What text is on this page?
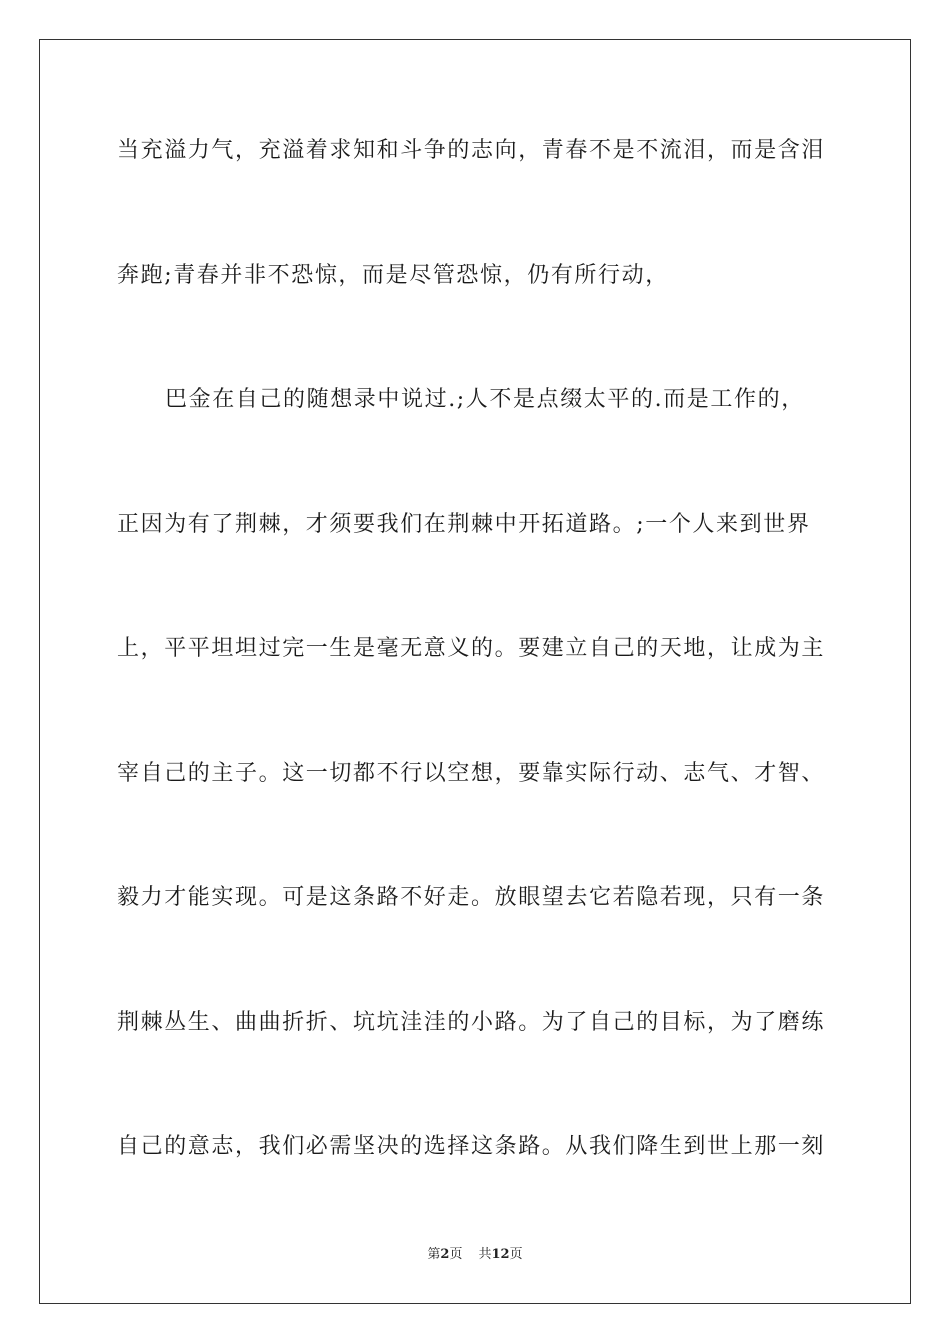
当充溢力气，充溢着求知和斗争的志向，青春不是不流泪，而是含泪
奔跑;青春并非不恐惊，而是尽管恐惊，仍有所行动，
巴金在自己的随想录中说过.;人不是点缀太平的.而是工作的，
正因为有了荆棘，才须要我们在荆棘中开拓道路。;一个人来到世界
上，平平坦坦过完一生是毫无意义的。要建立自己的天地，让成为主
宰自己的主子。这一切都不行以空想，要靠实际行动、志气、才智、
毅力才能实现。可是这条路不好走。放眼望去它若隐若现，只有一条
荆棘丛生、曲曲折折、坑坑洼洼的小路。为了自己的目标，为了磨练
自己的意志，我们必需坚决的选择这条路。从我们降生到世上那一刻
第2页 共12页
